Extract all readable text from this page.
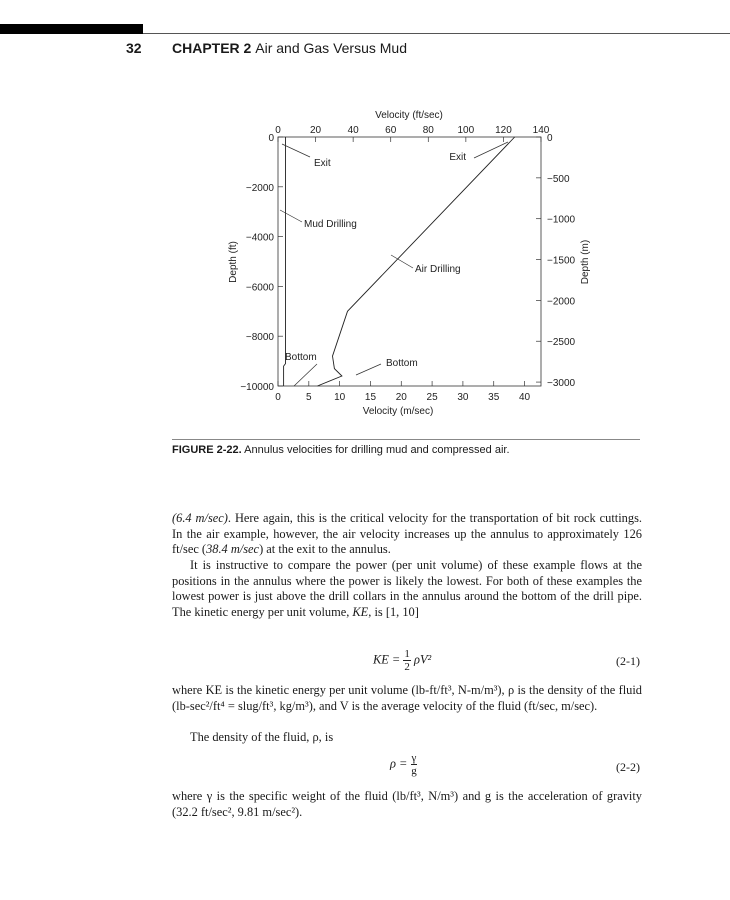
32 CHAPTER 2 Air and Gas Versus Mud
0	20	40	60	80 100 120 140
0	5 10 15 20 25 30 35 40
0
−2000
−4000
−6000
−8000
−10000
0
−500
−1000
−1500
−2000
−2500
−3000
Exit
Mud Drilling
Bottom
Exit
Air Drilling
Bottom
Velocity (ft/sec)
Velocity (m/sec)
Depth (ft)	Depth (m)
FIGURE 2-22. Annulus velocities for drilling mud and compressed air.

(6.4 m/sec). Here again, this is the critical velocity for the transportation of bit rock cuttings. In the air example, however, the air velocity increases up the annulus to approximately 126 ft/sec (38.4 m/sec) at the exit to the annulus.

It is instructive to compare the power (per unit volume) of these example flows at the positions in the annulus where the power is likely the lowest. For both of these examples the lowest power is just above the drill collars in the annulus around the bottom of the drill pipe. The kinetic energy per unit volume, KE, is [1, 10]

KE = $\frac{1}{2} \rho V^2$	(2-1)

where KE is the kinetic energy per unit volume (lb-ft/ft³, N-m/m³), ρ is the density of the fluid (lb-sec²/ft⁴ = slug/ft³, kg/m³), and V is the average velocity of the fluid (ft/sec, m/sec).

The density of the fluid, ρ, is

$\rho = \frac{\gamma}{g}$	(2-2)

where γ is the specific weight of the fluid (lb/ft³, N/m³) and g is the acceleration of gravity (32.2 ft/sec², 9.81 m/sec²).
